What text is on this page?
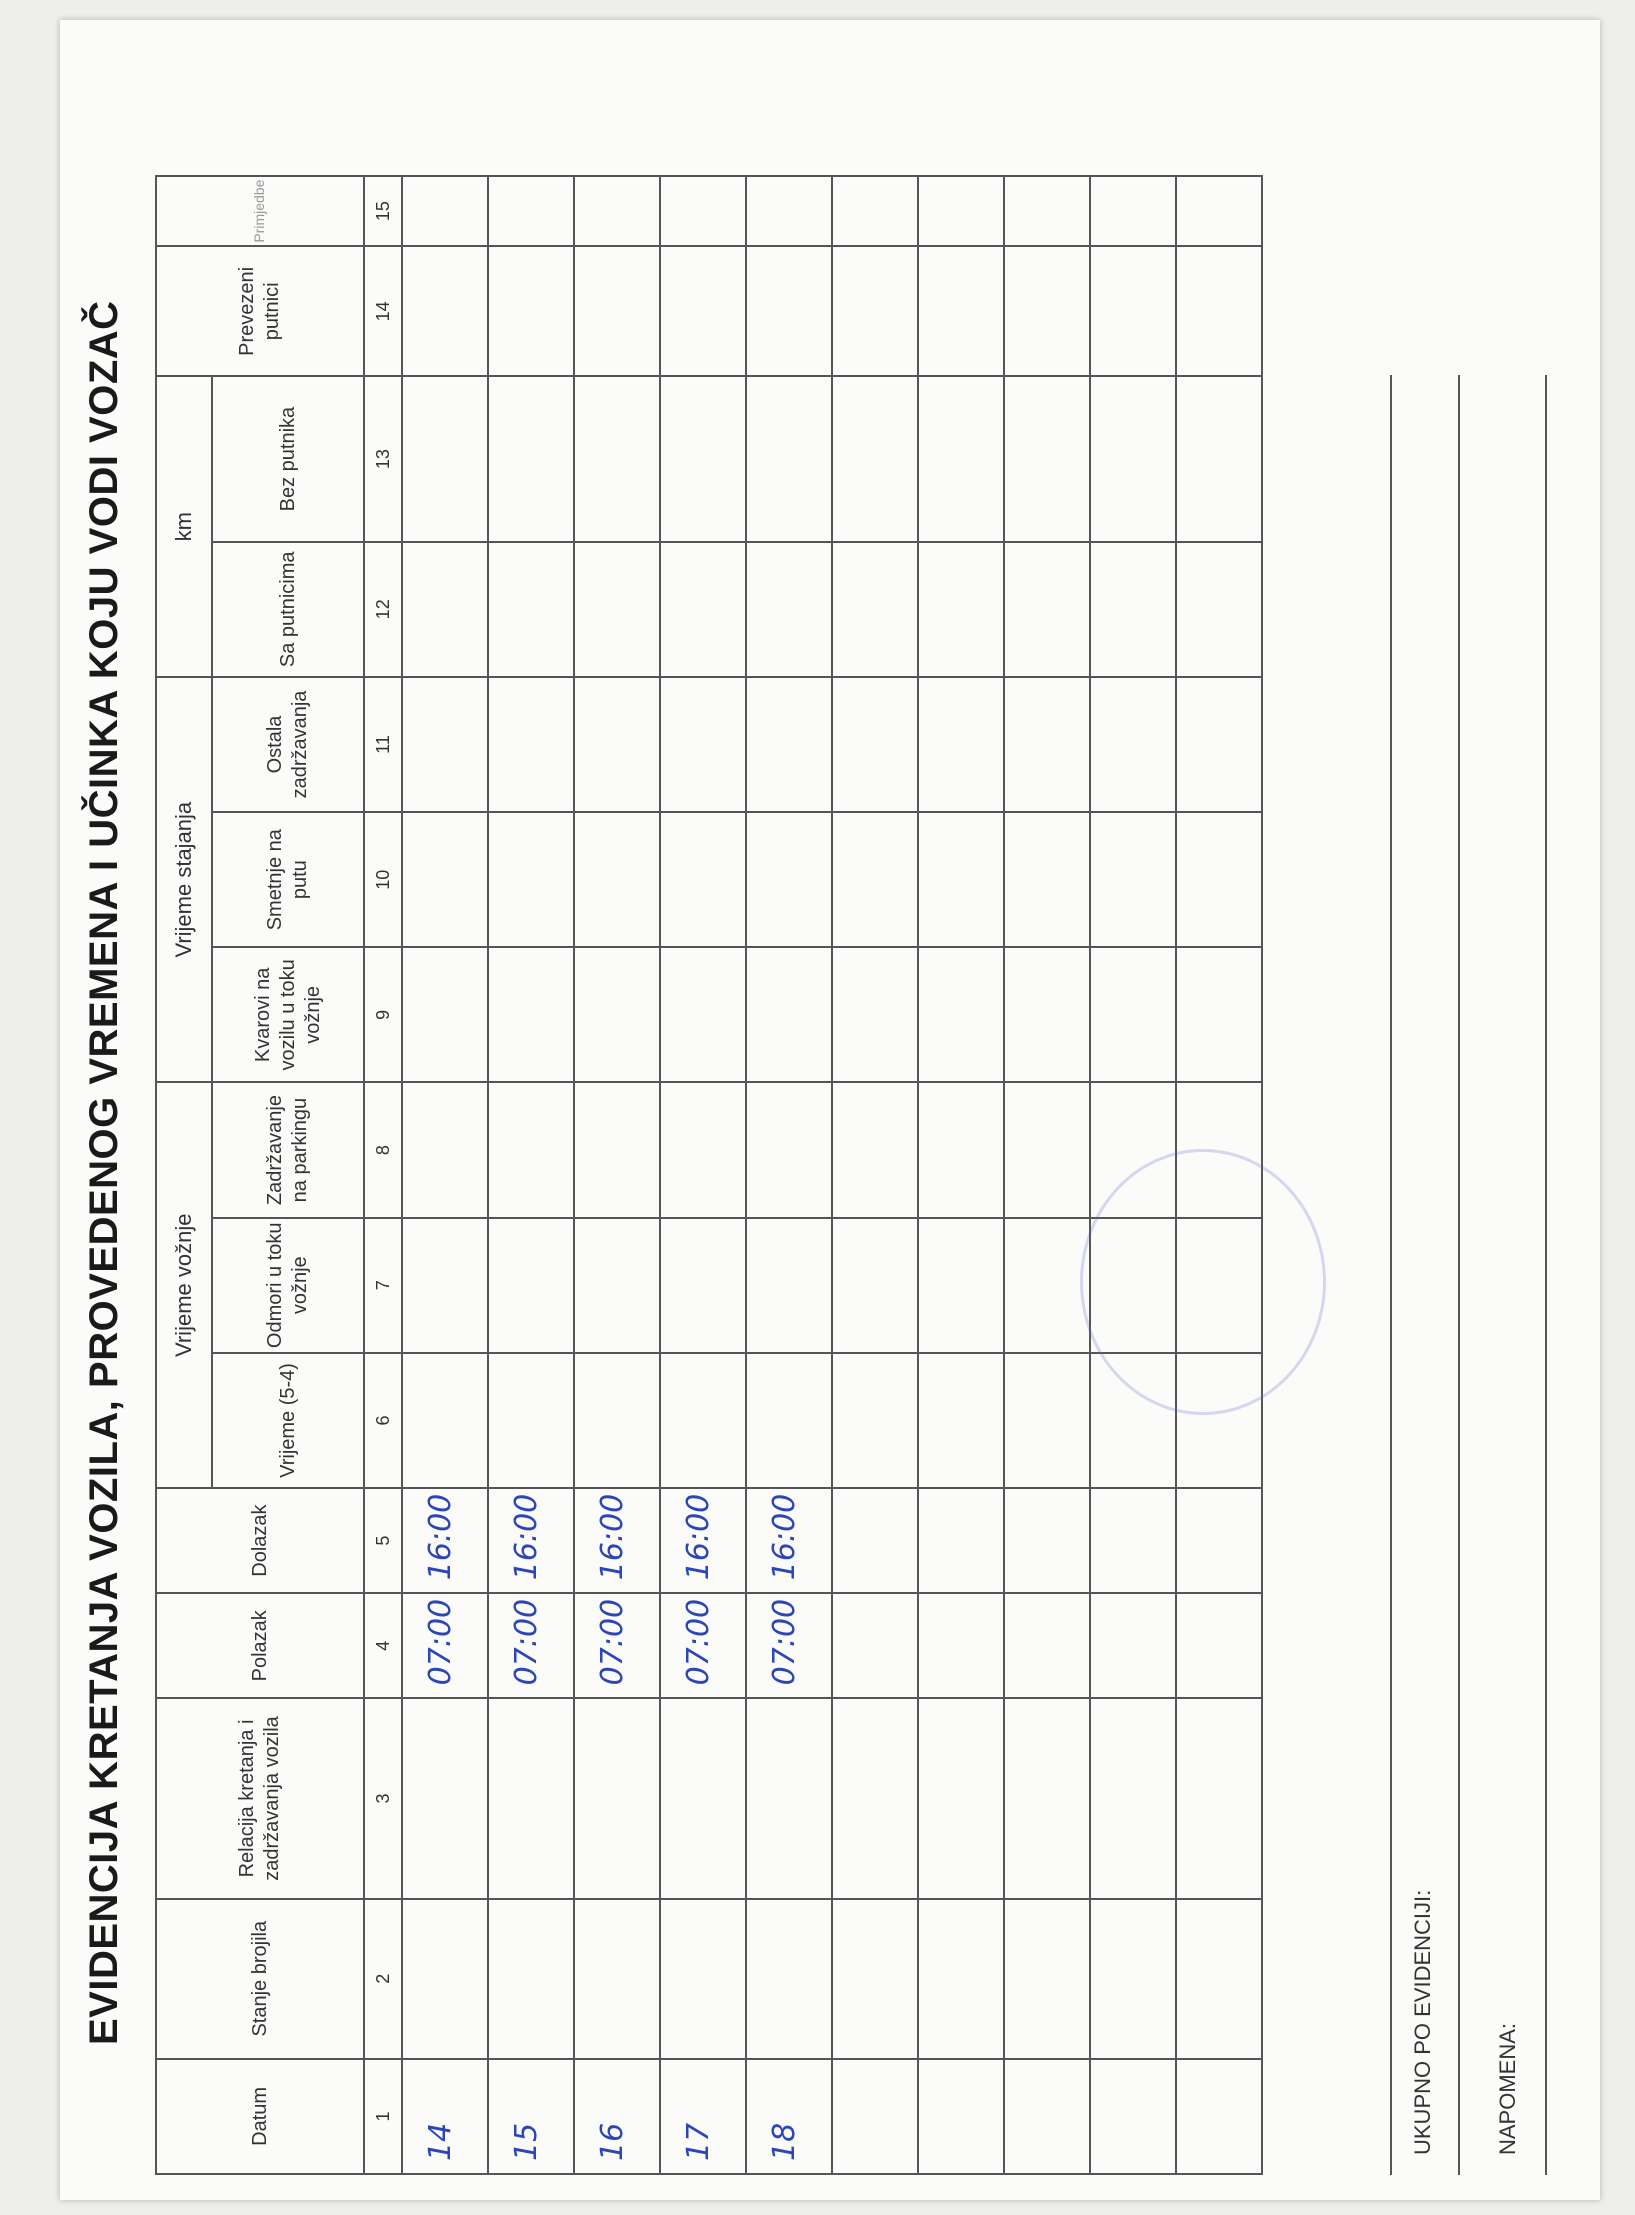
EVIDENCIJA KRETANJA VOZILA, PROVEDENOG VREMENA I UČINKA KOJU VODI VOZAČ
Datum	Stanje brojila	Relacija kretanja i zadržavanja vozila	Polazak	Dolazak	Vrijeme vožnje			Vrijeme stajanja			km		Prevezeni putnici	Primjedbe
					Vrijeme (5-4)	Odmori u toku vožnje	Zadržavanje na parkingu	Kvarovi na vozilu u toku vožnje	Smetnje na putu	Ostala zadržavanja	Sa putnicima	Bez putnika		
1	2	3	4	5	6	7	8	9	10	11	12	13	14	15

14			07:00	16:00										

15			07:00	16:00										

16			07:00	16:00										

17			07:00	16:00										

18			07:00	16:00										

UKUPNO PO EVIDENCIJI:	NAPOMENA:
